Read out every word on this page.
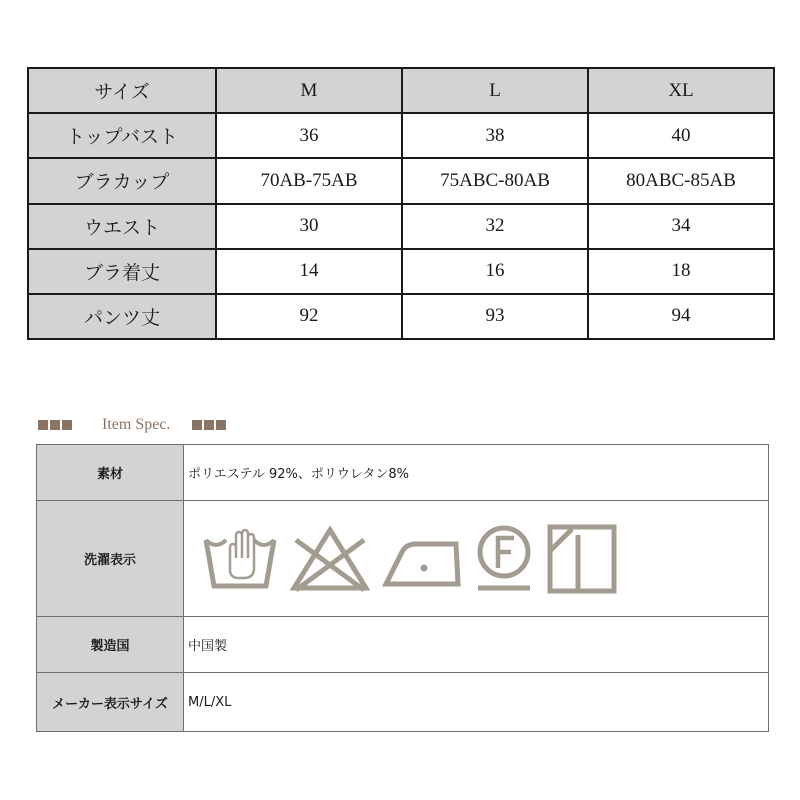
サイズ	M	L	XL
トップバスト	36	38	40
ブラカップ	70AB-75AB	75ABC-80AB	80ABC-85AB
ウエスト	30	32	34
ブラ着丈	14	16	18
パンツ丈	92	93	94
Item Spec.
素材	ポリエステル 92%、ポリウレタン8%
洗濯表示
製造国	中国製
メーカー表示サイズ	M/L/XL
